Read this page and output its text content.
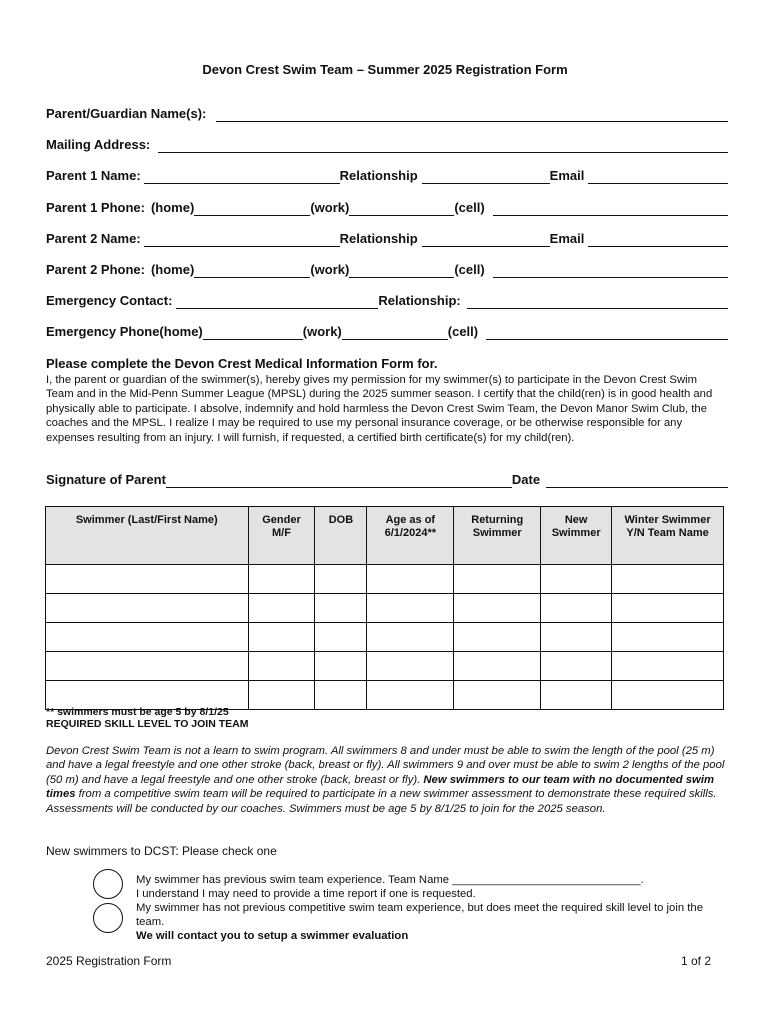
Devon Crest Swim Team – Summer 2025 Registration Form
Parent/Guardian Name(s):
Mailing Address:
Parent 1 Name:	Relationship	Email
Parent 1 Phone: (home)	(work)	(cell)
Parent 2 Name:	Relationship	Email
Parent 2 Phone: (home)	(work)	(cell)
Emergency Contact:	Relationship:
Emergency Phone(home)	(work)	(cell)
Please complete the Devon Crest Medical Information Form for.
I, the parent or guardian of the swimmer(s), hereby gives my permission for my swimmer(s) to participate in the Devon Crest Swim Team and in the Mid-Penn Summer League (MPSL) during the 2025 summer season. I certify that the child(ren) is in good health and physically able to participate. I absolve, indemnify and hold harmless the Devon Crest Swim Team, the Devon Manor Swim Club, the coaches and the MPSL. I realize I may be required to use my personal insurance coverage, or be otherwise responsible for any expenses resulting from an injury. I will furnish, if requested, a certified birth certificate(s) for my child(ren).
Signature of Parent	Date
Swimmer (Last/First Name)	Gender M/F	DOB	Age as of 6/1/2024**	Returning Swimmer	New Swimmer	Winter Swimmer Y/N Team Name

** swimmers must be age 5 by 8/1/25
REQUIRED SKILL LEVEL TO JOIN TEAM
Devon Crest Swim Team is not a learn to swim program. All swimmers 8 and under must be able to swim the length of the pool (25 m) and have a legal freestyle and one other stroke (back, breast or fly). All swimmers 9 and over must be able to swim 2 lengths of the pool (50 m) and have a legal freestyle and one other stroke (back, breast or fly). New swimmers to our team with no documented swim times from a competitive swim team will be required to participate in a new swimmer assessment to demonstrate these required skills. Assessments will be conducted by our coaches. Swimmers must be age 5 by 8/1/25 to join for the 2025 season.
New swimmers to DCST: Please check one
My swimmer has previous swim team experience. Team Name ______________________________.
I understand I may need to provide a time report if one is requested.
My swimmer has not previous competitive swim team experience, but does meet the required skill level to join the team.
We will contact you to setup a swimmer evaluation
2025 Registration Form	1 of 2
